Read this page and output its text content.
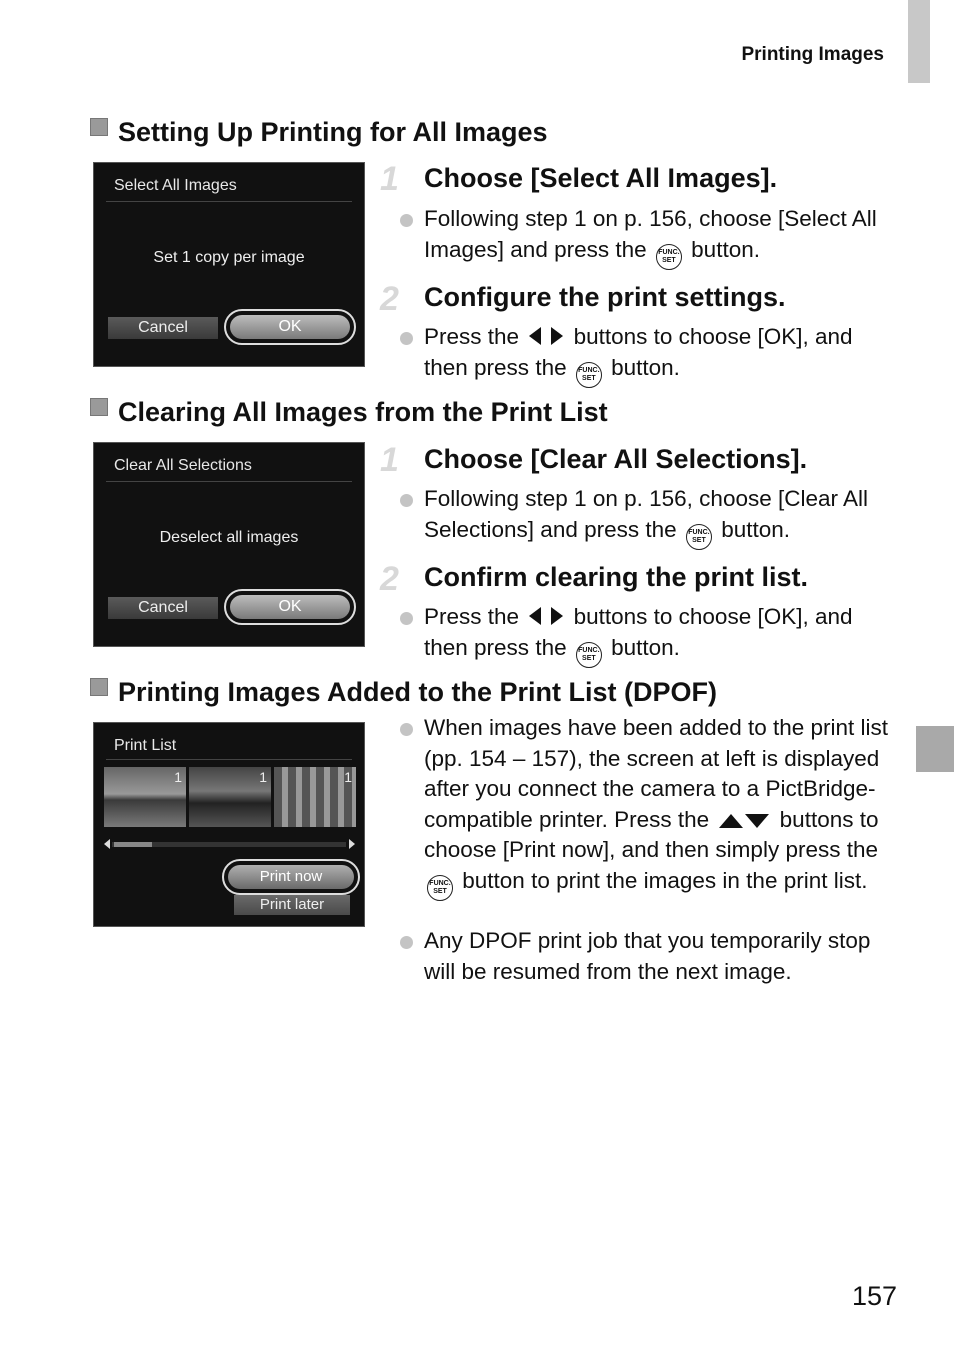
Printing Images
Setting Up Printing for All Images
Select All Images
Set 1 copy per image
Cancel	OK
1 Choose [Select All Images].
Following step 1 on p. 156, choose [Select All Images] and press the FUNC.
SET button.
2 Configure the print settings.
Press the buttons to choose [OK], and then press the FUNC.
SET button.
Clearing All Images from the Print List
Clear All Selections
Deselect all images
Cancel	OK
1 Choose [Clear All Selections].
Following step 1 on p. 156, choose [Clear All Selections] and press the FUNC.
SET button.
2 Confirm clearing the print list.
Press the buttons to choose [OK], and then press the FUNC.
SET button.
Printing Images Added to the Print List (DPOF)
Print List
1	1	1
Print now
Print later
When images have been added to the print list (pp. 154 – 157), the screen at left is displayed after you connect the camera to a PictBridge-compatible printer. Press the	buttons to choose [Print now], and then simply press the FUNC.
SET button to print the images in the print list.
Any DPOF print job that you temporarily stop will be resumed from the next image.
157
